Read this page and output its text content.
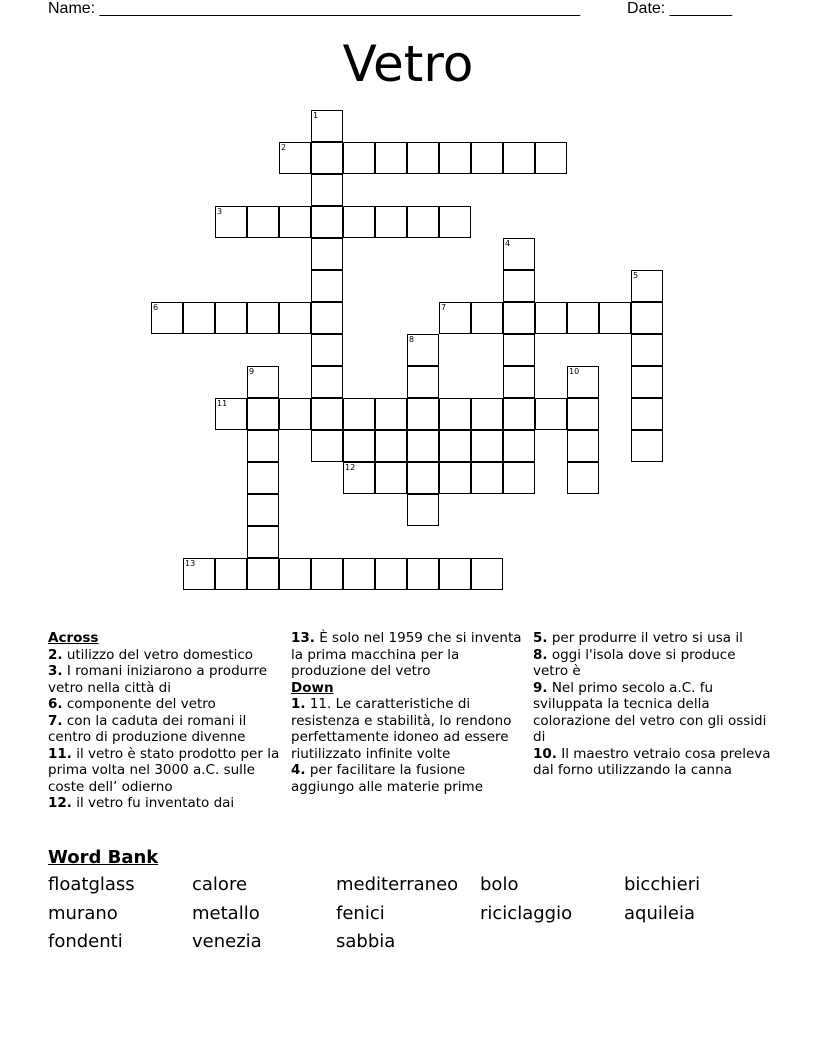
Name: ______________________________________________________	Date: _______
Vetro
2
3
6	7
11
12
13
1
4
5
8
9	10
Across
2. utilizzo del vetro domestico
3. I romani iniziarono a produrre vetro nella città di
6. componente del vetro
7. con la caduta dei romani il centro di produzione divenne
11. il vetro è stato prodotto per la prima volta nel 3000 a.C. sulle coste dell’ odierno
12. il vetro fu inventato dai
13. È solo nel 1959 che si inventa la prima macchina per la produzione del vetro
Down
1. 11. Le caratteristiche di resistenza e stabilità, lo rendono perfettamente idoneo ad essere riutilizzato infinite volte
4. per facilitare la fusione aggiungo alle materie prime
5. per produrre il vetro si usa il
8. oggi l'isola dove si produce vetro è
9. Nel primo secolo a.C. fu sviluppata la tecnica della colorazione del vetro con gli ossidi di
10. Il maestro vetraio cosa preleva dal forno utilizzando la canna
Word Bank
floatglass	calore	mediterraneo	bolo	bicchieri
murano	metallo	fenici	riciclaggio	aquileia
fondenti	venezia	sabbia
